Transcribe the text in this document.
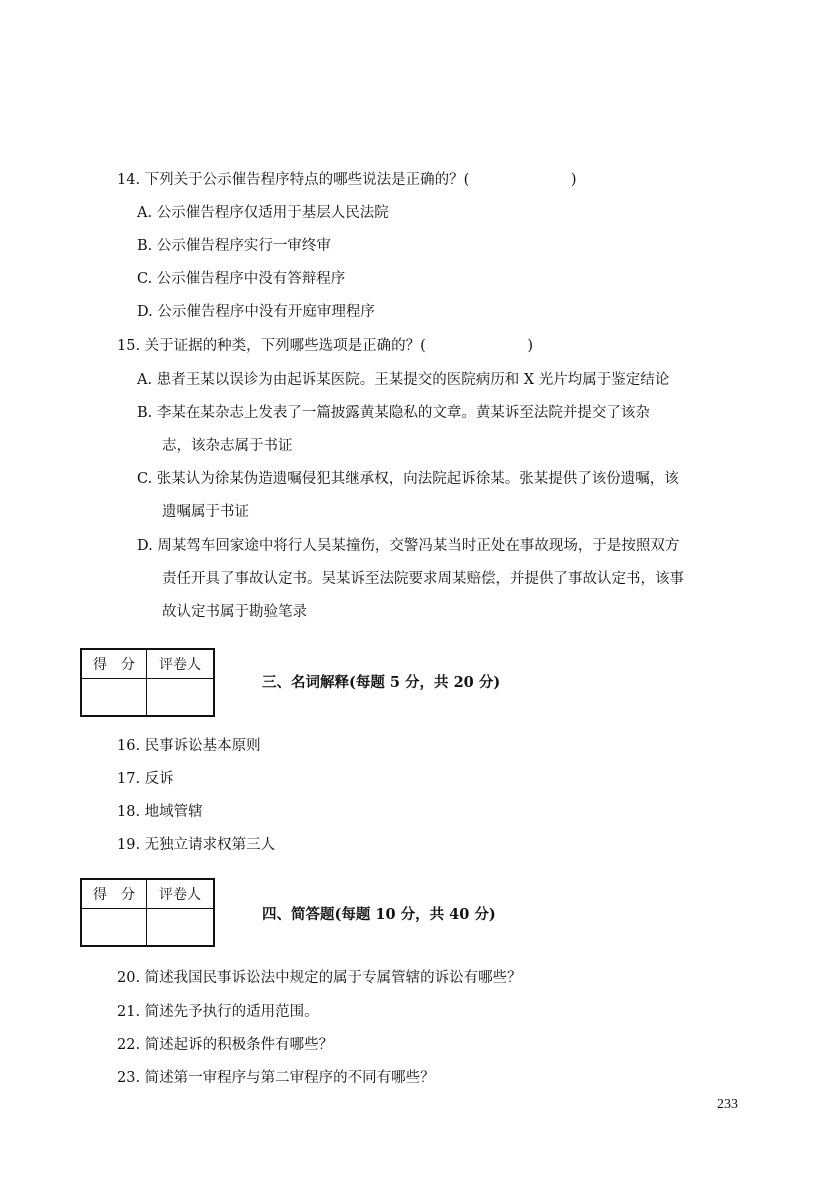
14. 下列关于公示催告程序特点的哪些说法是正确的？(　　　　　　　)
A. 公示催告程序仅适用于基层人民法院
B. 公示催告程序实行一审终审
C. 公示催告程序中没有答辩程序
D. 公示催告程序中没有开庭审理程序
15. 关于证据的种类，下列哪些选项是正确的？(　　　　　　　)
A. 患者王某以误诊为由起诉某医院。王某提交的医院病历和 X 光片均属于鉴定结论
B. 李某在某杂志上发表了一篇披露黄某隐私的文章。黄某诉至法院并提交了该杂
志，该杂志属于书证
C. 张某认为徐某伪造遗嘱侵犯其继承权，向法院起诉徐某。张某提供了该份遗嘱，该
遗嘱属于书证
D. 周某驾车回家途中将行人吴某撞伤，交警冯某当时正处在事故现场，于是按照双方
责任开具了事故认定书。吴某诉至法院要求周某赔偿，并提供了事故认定书，该事
故认定书属于勘验笔录
得　分	评卷人

三、名词解释(每题 5 分，共 20 分)
16. 民事诉讼基本原则
17. 反诉
18. 地域管辖
19. 无独立请求权第三人
得　分	评卷人

四、简答题(每题 10 分，共 40 分)
20. 简述我国民事诉讼法中规定的属于专属管辖的诉讼有哪些？
21. 简述先予执行的适用范围。
22. 简述起诉的积极条件有哪些？
23. 简述第一审程序与第二审程序的不同有哪些？
233
